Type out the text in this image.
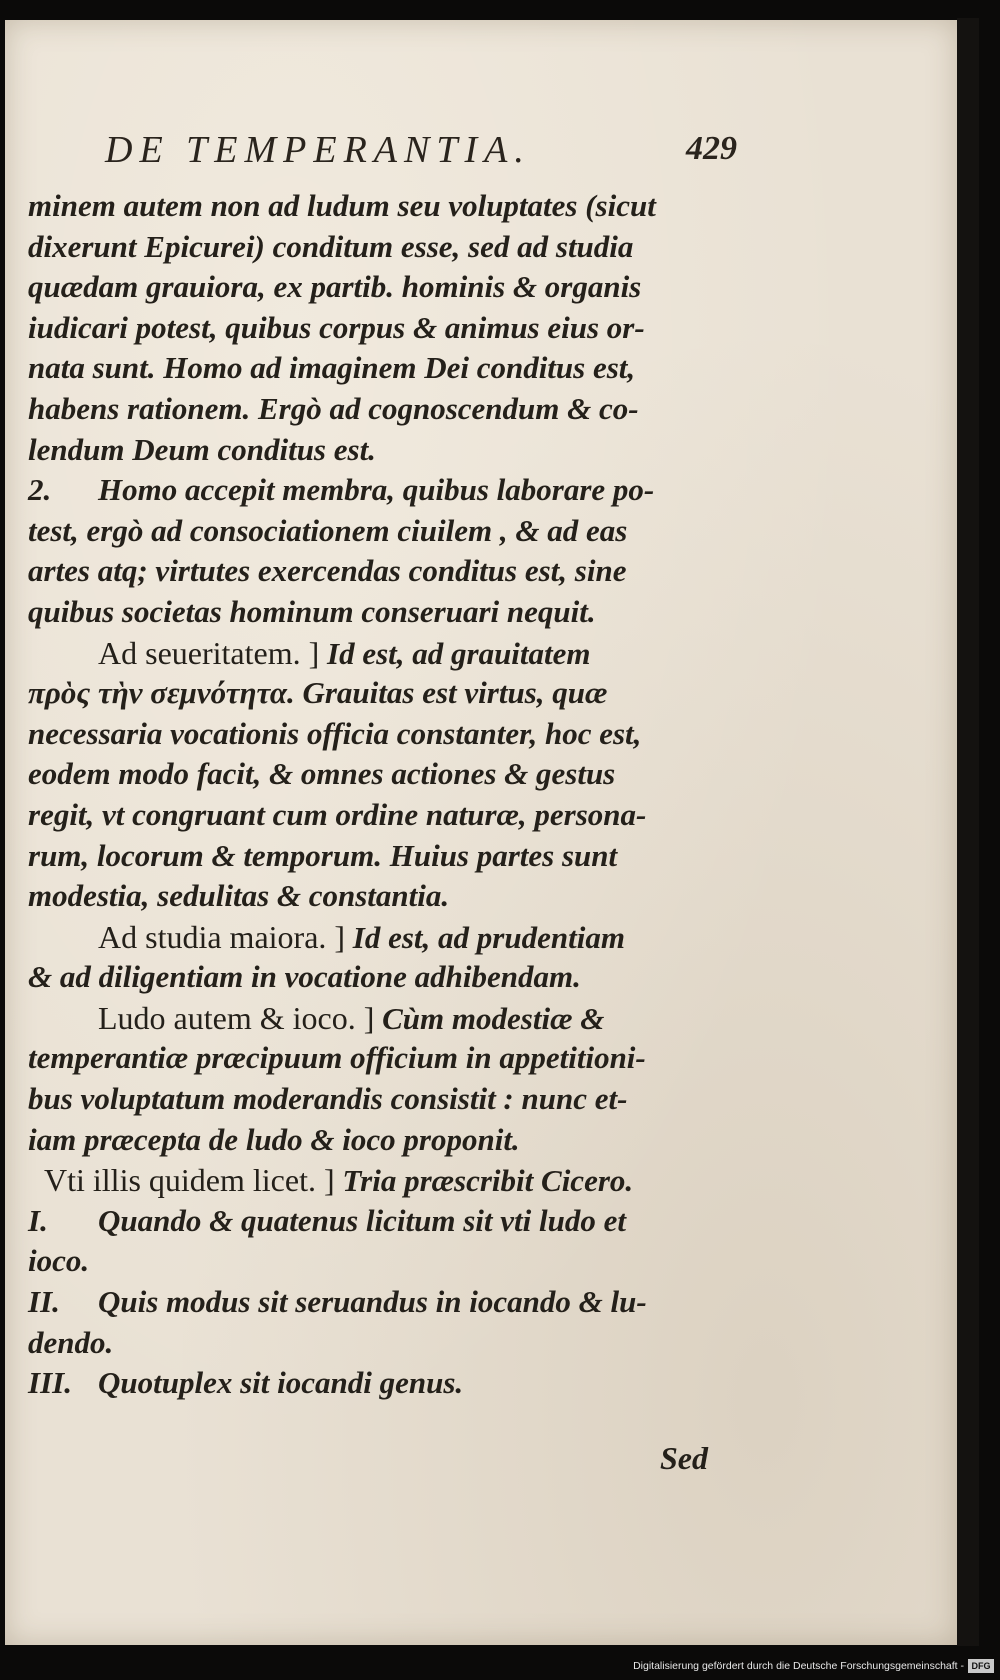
DE TEMPERANTIA.	429
minem autem non ad ludum seu voluptates (sicut
dixerunt Epicurei) conditum esse, sed ad studia
quædam grauiora, ex partib. hominis & organis
iudicari potest, quibus corpus & animus eius or-
nata sunt. Homo ad imaginem Dei conditus est,
habens rationem. Ergò ad cognoscendum & co-
lendum Deum conditus est.
2. Homo accepit membra, quibus laborare po-
test, ergò ad consociationem ciuilem , & ad eas
artes atq; virtutes exercendas conditus est, sine
quibus societas hominum conseruari nequit.
Ad seueritatem. ] Id est, ad grauitatem
πρὸς τὴν σεμνότητα. Grauitas est virtus, quæ
necessaria vocationis officia constanter, hoc est,
eodem modo facit, & omnes actiones & gestus
regit, vt congruant cum ordine naturæ, persona-
rum, locorum & temporum. Huius partes sunt
modestia, sedulitas & constantia.
Ad studia maiora. ] Id est, ad prudentiam
& ad diligentiam in vocatione adhibendam.
Ludo autem & ioco. ] Cùm modestiæ &
temperantiæ præcipuum officium in appetitioni-
bus voluptatum moderandis consistit : nunc et-
iam præcepta de ludo & ioco proponit.
Vti illis quidem licet. ] Tria præscribit Cicero.
I. Quando & quatenus licitum sit vti ludo et
ioco.
II. Quis modus sit seruandus in iocando & lu-
dendo.
III. Quotuplex sit iocandi genus.
Sed
Digitalisierung gefördert durch die Deutsche Forschungsgemeinschaft - DFG
